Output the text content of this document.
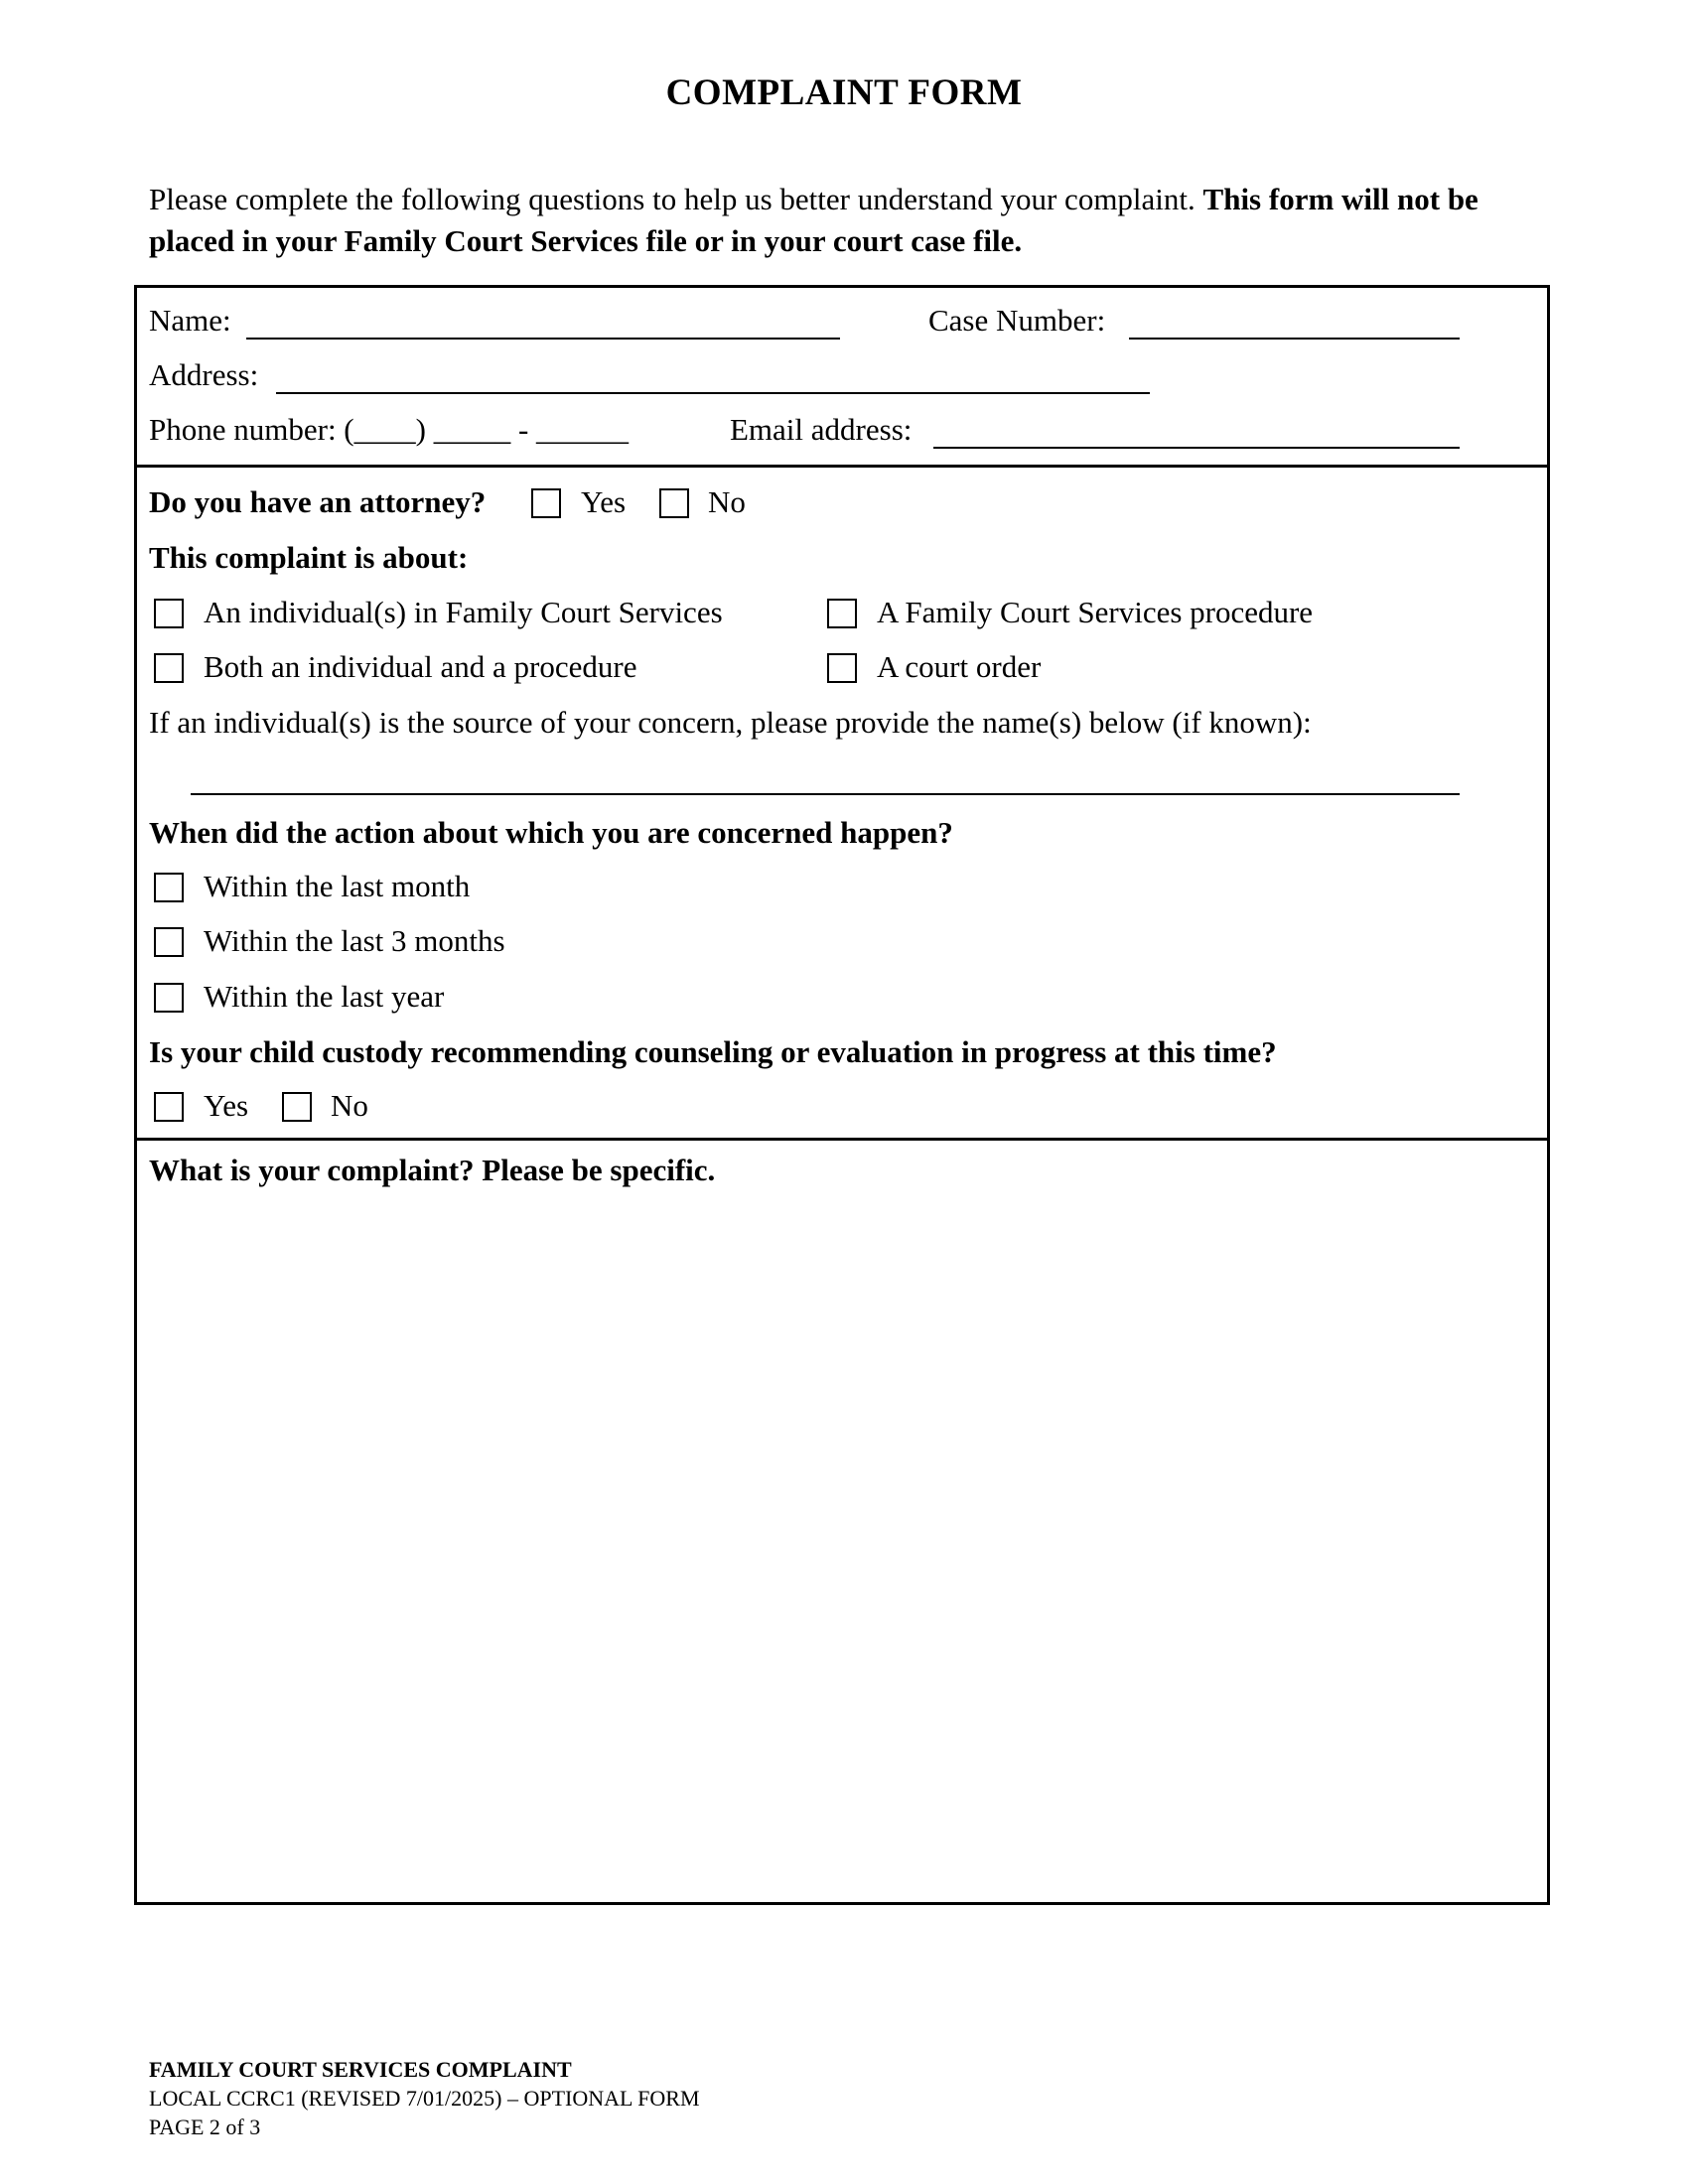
COMPLAINT FORM
Please complete the following questions to help us better understand your complaint. This form will not be placed in your Family Court Services file or in your court case file.
Name:	Case Number:
Address:
Phone number: (____) _____ - ______	Email address:
Do you have an attorney?	Yes	No
This complaint is about:
An individual(s) in Family Court Services	A Family Court Services procedure
Both an individual and a procedure	A court order
If an individual(s) is the source of your concern, please provide the name(s) below (if known):
When did the action about which you are concerned happen?
Within the last month
Within the last 3 months
Within the last year
Is your child custody recommending counseling or evaluation in progress at this time?
Yes	No
What is your complaint? Please be specific.
FAMILY COURT SERVICES COMPLAINT
LOCAL CCRC1 (REVISED 7/01/2025) – OPTIONAL FORM
PAGE 2 of 3
